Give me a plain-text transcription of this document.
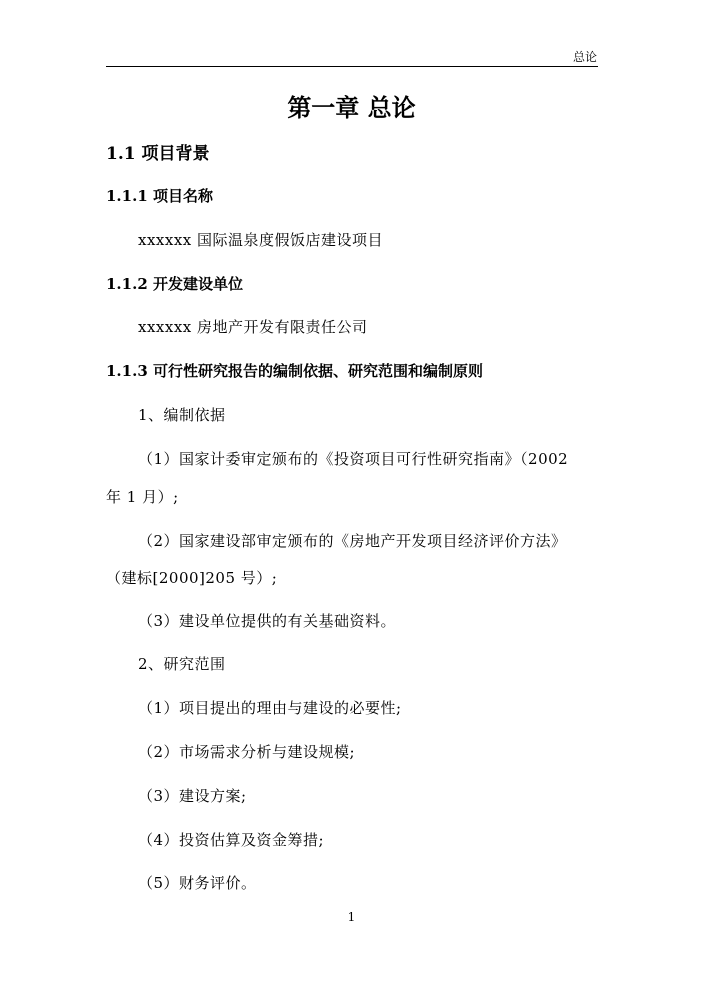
总论
第一章 总论
1.1 项目背景
1.1.1 项目名称
xxxxxx 国际温泉度假饭店建设项目
1.1.2 开发建设单位
xxxxxx 房地产开发有限责任公司
1.1.3 可行性研究报告的编制依据、研究范围和编制原则
1、编制依据
（1）国家计委审定颁布的《投资项目可行性研究指南》（2002
年 1 月）;
（2）国家建设部审定颁布的《房地产开发项目经济评价方法》
（建标[2000]205 号）;
（3）建设单位提供的有关基础资料。
2、研究范围
（1）项目提出的理由与建设的必要性;
（2）市场需求分析与建设规模;
（3）建设方案;
（4）投资估算及资金筹措;
（5）财务评价。
1
